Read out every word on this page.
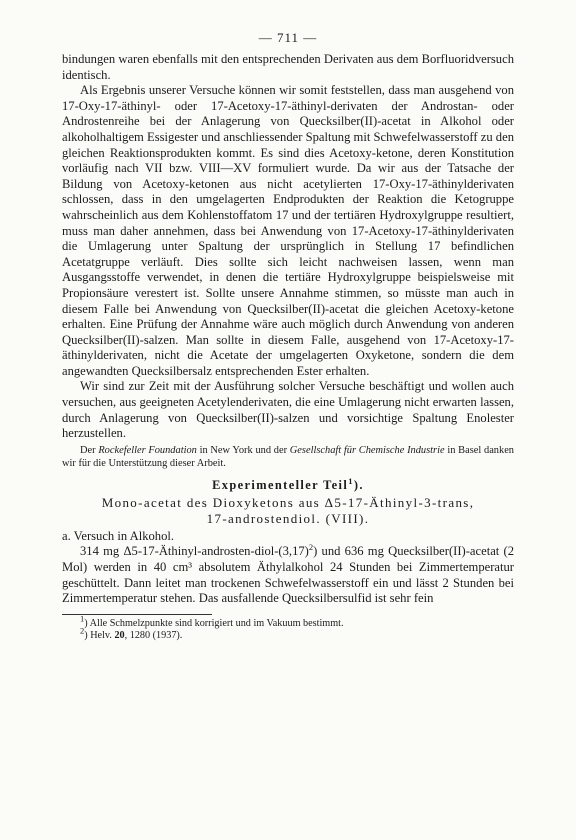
— 711 —

bindungen waren ebenfalls mit den entsprechenden Derivaten aus dem Borfluoridversuch identisch.

Als Ergebnis unserer Versuche können wir somit feststellen, dass man ausgehend von 17-Oxy-17-äthinyl- oder 17-Acetoxy-17-äthinyl-derivaten der Androstan- oder Androstenreihe bei der Anlagerung von Quecksilber(II)-acetat in Alkohol oder alkoholhaltigem Essigester und anschliessender Spaltung mit Schwefelwasserstoff zu den gleichen Reaktionsprodukten kommt. Es sind dies Acetoxy-ketone, deren Konstitution vorläufig nach VII bzw. VIII—XV formuliert wurde. Da wir aus der Tatsache der Bildung von Acetoxy-ketonen aus nicht acetylierten 17-Oxy-17-äthinylderivaten schlossen, dass in den umgelagerten Endprodukten der Reaktion die Ketogruppe wahrscheinlich aus dem Kohlenstoffatom 17 und der tertiären Hydroxylgruppe resultiert, muss man daher annehmen, dass bei Anwendung von 17-Acetoxy-17-äthinylderivaten die Umlagerung unter Spaltung der ursprünglich in Stellung 17 befindlichen Acetatgruppe verläuft. Dies sollte sich leicht nachweisen lassen, wenn man Ausgangsstoffe verwendet, in denen die tertiäre Hydroxylgruppe beispielsweise mit Propionsäure verestert ist. Sollte unsere Annahme stimmen, so müsste man auch in diesem Falle bei Anwendung von Quecksilber(II)-acetat die gleichen Acetoxy-ketone erhalten. Eine Prüfung der Annahme wäre auch möglich durch Anwendung von anderen Quecksilber(II)-salzen. Man sollte in diesem Falle, ausgehend von 17-Acetoxy-17-äthinylderivaten, nicht die Acetate der umgelagerten Oxyketone, sondern die dem angewandten Quecksilbersalz entsprechenden Ester erhalten.

Wir sind zur Zeit mit der Ausführung solcher Versuche beschäftigt und wollen auch versuchen, aus geeigneten Acetylenderivaten, die eine Umlagerung nicht erwarten lassen, durch Anlagerung von Quecksilber(II)-salzen und vorsichtige Spaltung Enolester herzustellen.

Der Rockefeller Foundation in New York und der Gesellschaft für Chemische Industrie in Basel danken wir für die Unterstützung dieser Arbeit.
Experimenteller Teil$^1$).
Mono-acetat des Dioxyketons aus Δ5-17-Äthinyl-3-trans,
17-androstendiol. (VIII).
a. Versuch in Alkohol.

314 mg $\Delta 5-17-Äthinyl-androsten-diol-(3,17)^2$) und 636 mg Quecksilber(II)-acetat (2 Mol) werden in 40 cm³ absolutem Äthylalkohol 24 Stunden bei Zimmertemperatur geschüttelt. Dann leitet man trockenen Schwefelwasserstoff ein und lässt 2 Stunden bei Zimmertemperatur stehen. Das ausfallende Quecksilbersulfid ist sehr fein

$^1$) Alle Schmelzpunkte sind korrigiert und im Vakuum bestimmt.
$^2$) Helv. 20, 1280 (1937).
